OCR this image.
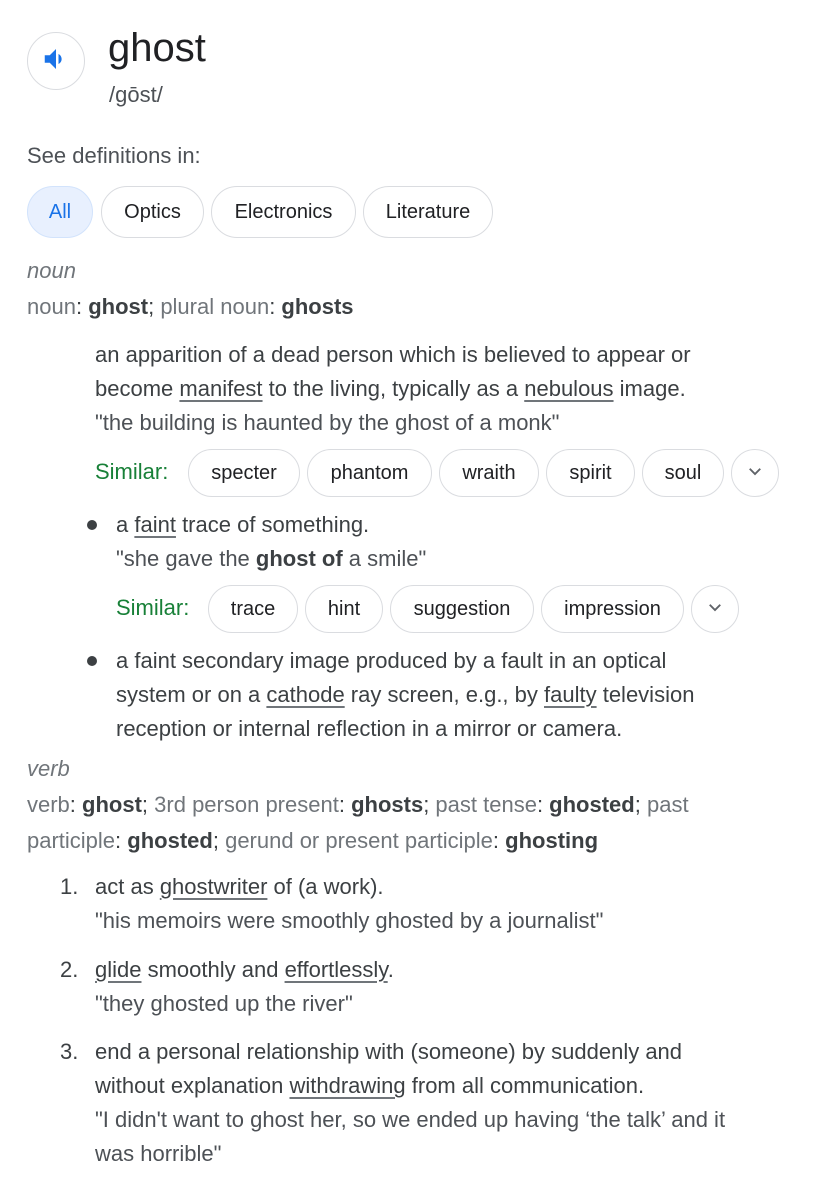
ghost
/gōst/
See definitions in:
All	Optics	Electronics	Literature
noun
noun: ghost; plural noun: ghosts
an apparition of a dead person which is believed to appear or
become manifest to the living, typically as a nebulous image.
"the building is haunted by the ghost of a monk"
Similar:	specter	phantom	wraith	spirit	soul
a faint trace of something.
"she gave the ghost of a smile"
Similar:	trace	hint	suggestion	impression
a faint secondary image produced by a fault in an optical
system or on a cathode ray screen, e.g., by faulty television
reception or internal reflection in a mirror or camera.
verb
verb: ghost; 3rd person present: ghosts; past tense: ghosted; past
participle: ghosted; gerund or present participle: ghosting
1. act as ghostwriter of (a work).
"his memoirs were smoothly ghosted by a journalist"
2. glide smoothly and effortlessly.
"they ghosted up the river"
3. end a personal relationship with (someone) by suddenly and
without explanation withdrawing from all communication.
"I didn't want to ghost her, so we ended up having ‘the talk’ and it
was horrible"
